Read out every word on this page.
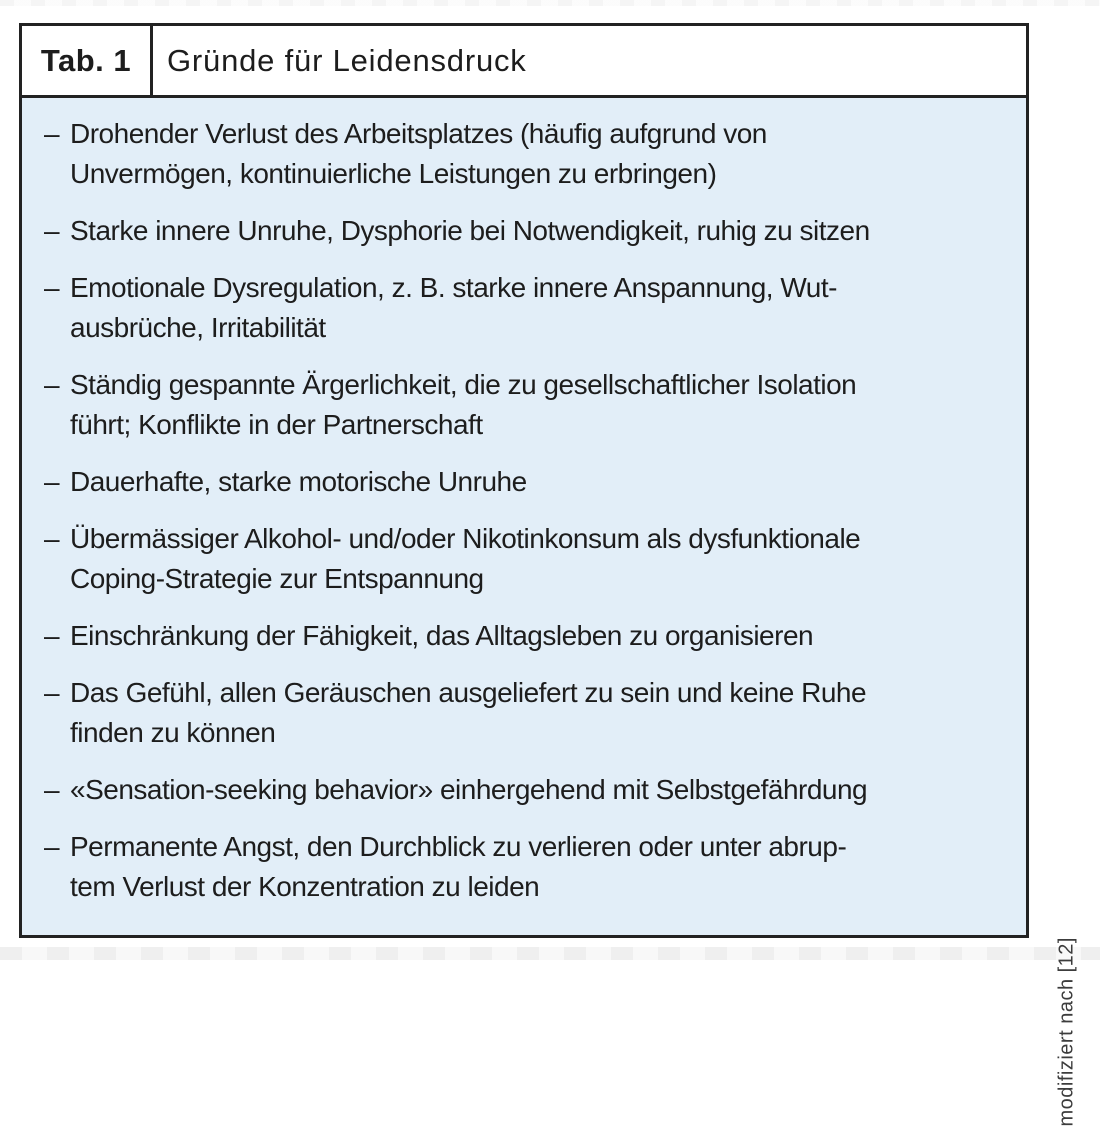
Tab. 1	Gründe für Leidensdruck
– Drohender Verlust des Arbeitsplatzes (häufig aufgrund von
Unvermögen, kontinuierliche Leistungen zu erbringen)
– Starke innere Unruhe, Dysphorie bei Notwendigkeit, ruhig zu sitzen
– Emotionale Dysregulation, z. B. starke innere Anspannung, Wut-
ausbrüche, Irritabilität
– Ständig gespannte Ärgerlichkeit, die zu gesellschaftlicher Isolation
führt; Konflikte in der Partnerschaft
– Dauerhafte, starke motorische Unruhe
– Übermässiger Alkohol- und/oder Nikotinkonsum als dysfunktionale
Coping-Strategie zur Entspannung
– Einschränkung der Fähigkeit, das Alltagsleben zu organisieren
– Das Gefühl, allen Geräuschen ausgeliefert zu sein und keine Ruhe
finden zu können
– «Sensation-seeking behavior» einhergehend mit Selbstgefährdung
– Permanente Angst, den Durchblick zu verlieren oder unter abrup-
tem Verlust der Konzentration zu leiden
modifiziert nach [12]
